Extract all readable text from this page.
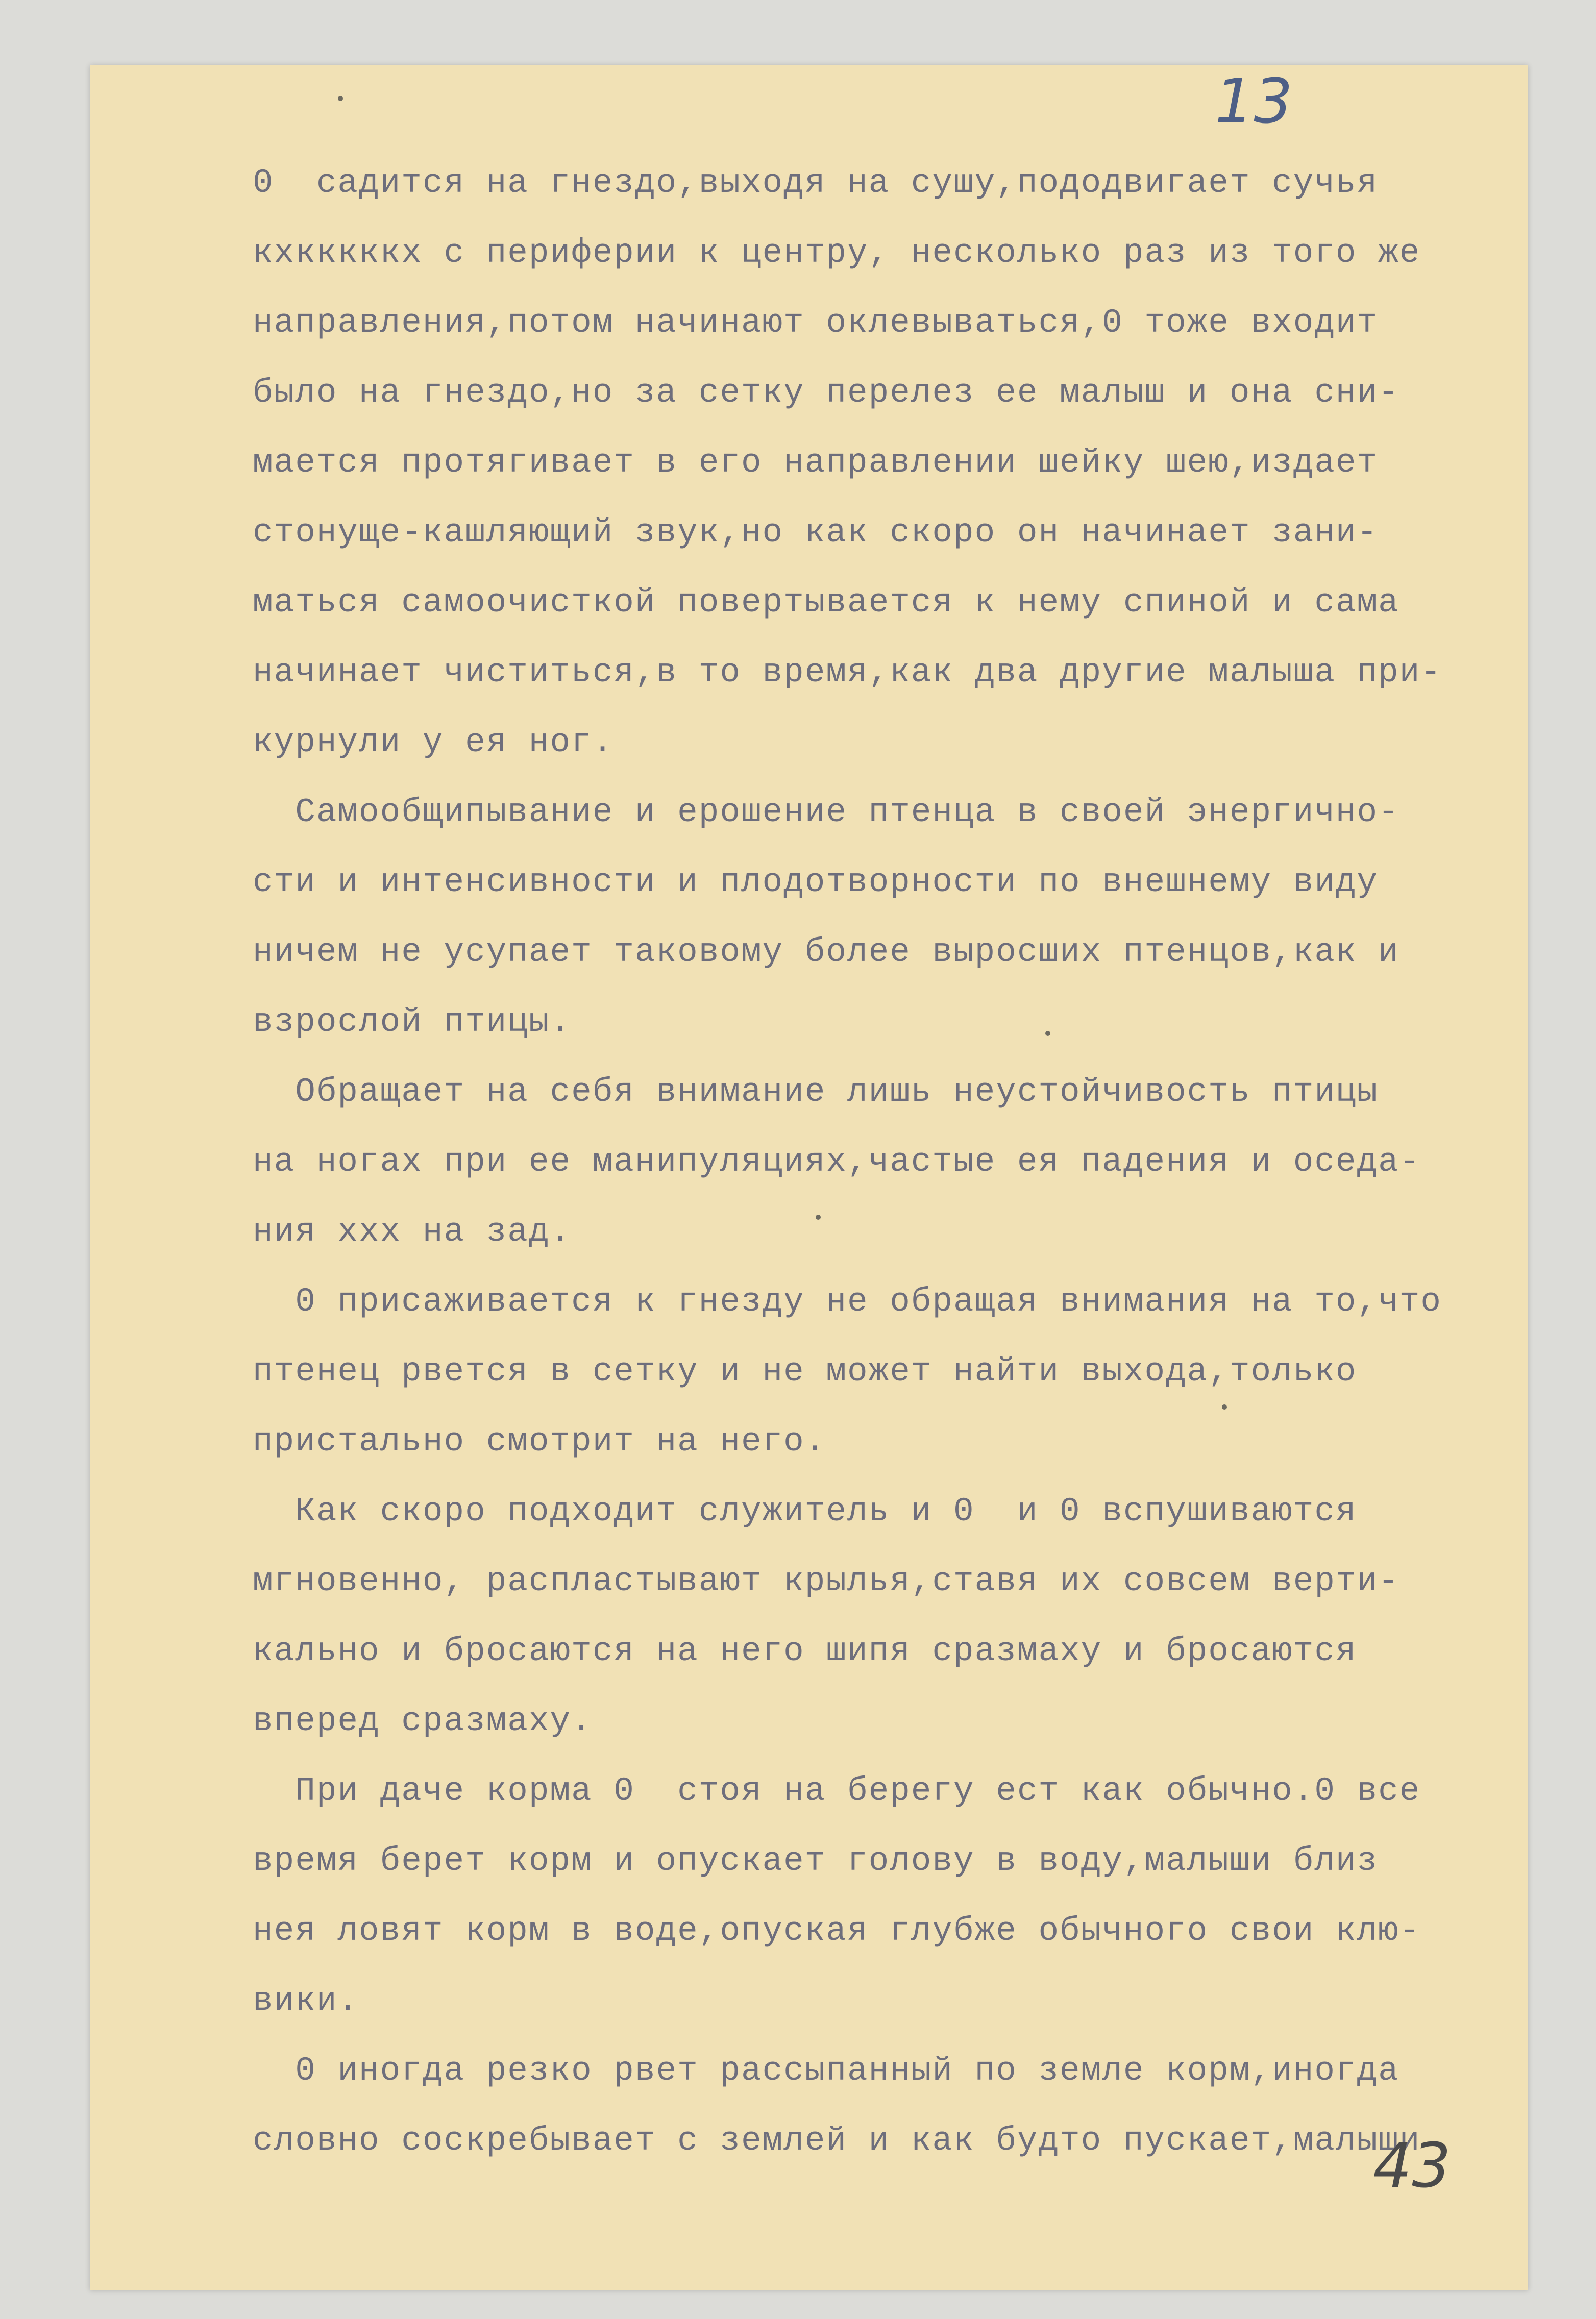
13
0  садится на гнездо,выходя на сушу,пододвигает сучья
кхкккккх с периферии к центру, несколько раз из того же
направления,потом начинают оклевываться,0 тоже входит
было на гнездо,но за сетку перелез ее малыш и она сни-
мается протягивает в его направлении шейку шею,издает
стонуще-кашляющий звук,но как скоро он начинает зани-
маться самоочисткой повертывается к нему спиной и сама
начинает чиститься,в то время,как два другие малыша при-
курнули у ея ног.
Самообщипывание и ерошение птенца в своей энергично-
сти и интенсивности и плодотворности по внешнему виду
ничем не усупает таковому более выросших птенцов,как и
взрослой птицы.
Обращает на себя внимание лишь неустойчивость птицы
на ногах при ее манипуляциях,частые ея падения и оседа-
ния ххх на зад.
0 присаживается к гнезду не обращая внимания на то,что
птенец рвется в сетку и не может найти выхода,только
пристально смотрит на него.
Как скоро подходит служитель и 0  и 0 вспушиваются
мгновенно, распластывают крылья,ставя их совсем верти-
кально и бросаются на него шипя сразмаху и бросаются
вперед сразмаху.
При даче корма 0  стоя на берегу ест как обычно.0 все
время берет корм и опускает голову в воду,малыши близ
нея ловят корм в воде,опуская глубже обычного свои клю-
вики.
0 иногда резко рвет рассыпанный по земле корм,иногда
словно соскребывает с землей и как будто пускает,малыши
43
